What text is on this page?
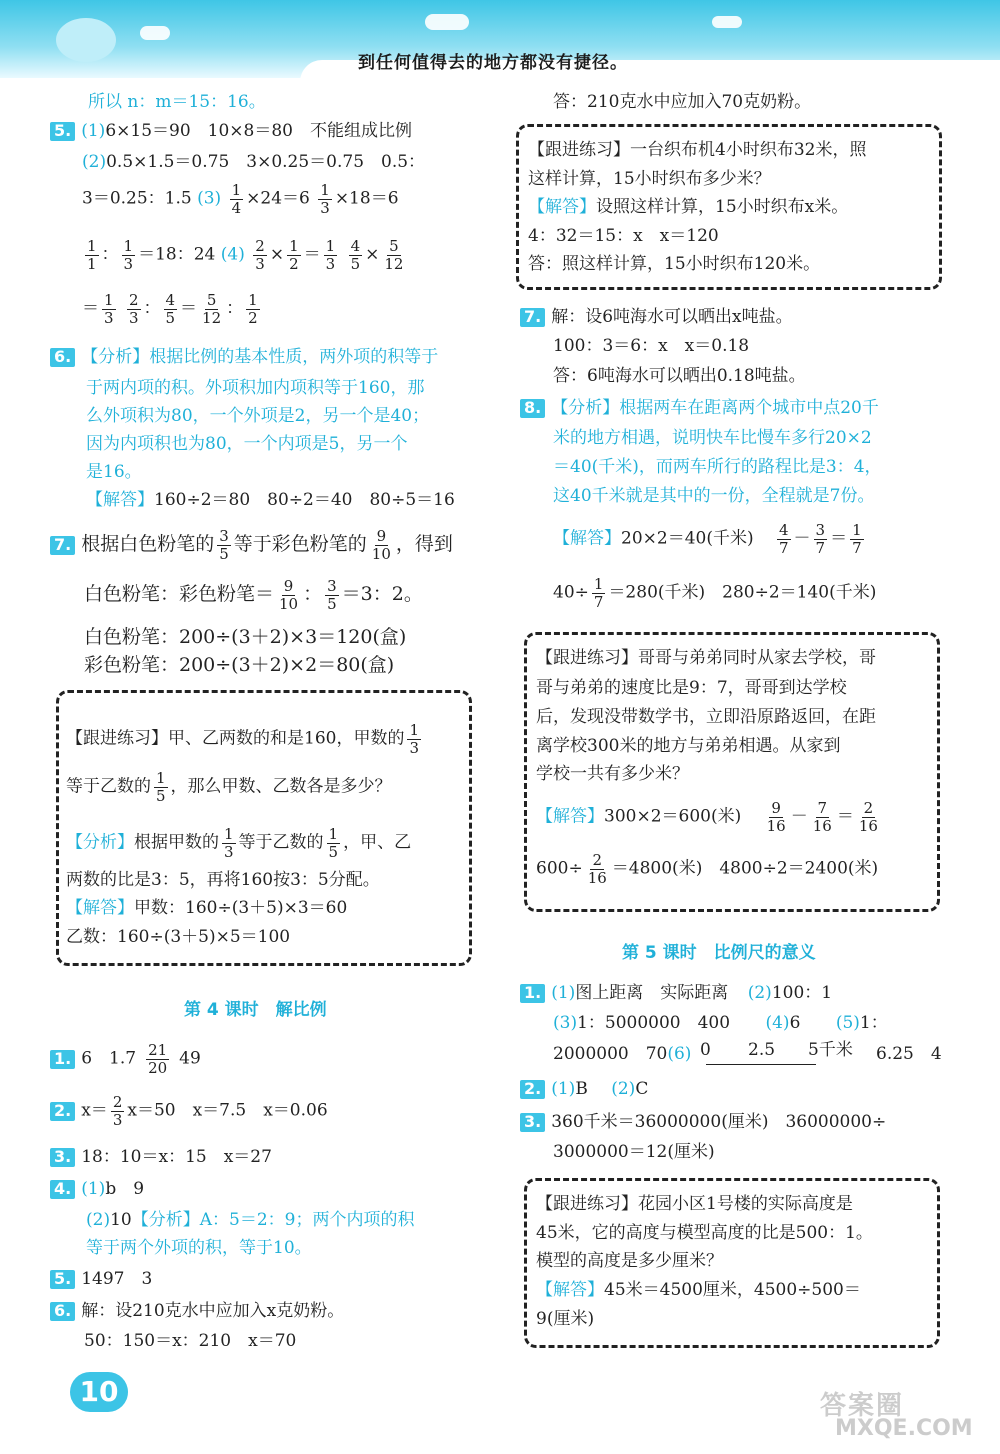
到任何值得去的地方都没有捷径。
所以 n：m＝15：16。
5. (1)6×15＝90　10×8＝80　不能组成比例
(2)0.5×1.5＝0.75　3×0.25＝0.75　0.5：
3＝0.25：1.5 $(3) \frac{1}{4} \times 24=6 \frac{1}{3} \times 18=6$
$\frac{1}{1}$ ： $\frac{1}{3} =18$：24 $(4) \frac{2}{3} \times \frac{1}{2} = \frac{1}{3}$
$\frac{4}{5} \times \frac{5}{12}$
＝ $\frac{1}{3}$
$\frac{2}{3}$ ： $\frac{4}{5} = \frac{5}{12}$ ： $\frac{1}{2}$
6. 【分析】根据比例的基本性质，两外项的积等于
于两内项的积。外项积加内项积等于160，那
么外项积为80，一个外项是2，另一个是40；
因为内项积也为80，一个内项是5，另一个
是16。
【解答】160÷2＝80　80÷2＝40　80÷5＝16
7. 根据白色粉笔的 $\frac{3}{5}$ 等于彩色粉笔的 $\frac{9}{10}$ ，得到
白色粉笔：彩色粉笔＝ $\frac{9}{10}$ ： $\frac{3}{5} =3$：2。
白色粉笔：200÷(3＋2)×3＝120(盒)
彩色粉笔：200÷(3＋2)×2＝80(盒)
【跟进练习】甲、乙两数的和是160，甲数的 $\frac{1}{3}$
等于乙数的 $\frac{1}{5}$ ，那么甲数、乙数各是多少？
【分析】根据甲数的 $\frac{1}{3}$ 等于乙数的 $\frac{1}{5}$ ，甲、乙
两数的比是3：5，再将160按3：5分配。
【解答】甲数：160÷(3＋5)×3＝60
乙数：160÷(3＋5)×5＝100
第 4 课时　解比例
1. 6　$1.7 \frac{21}{20} 49$
2. $x= \frac{2}{3} x=50$　x＝7.5　x＝0.06
3. 18：10＝x：15　x＝27
4. (1)b　9
(2)10【分析】A：5＝2：9；两个内项的积
等于两个外项的积，等于10。
5. 1497　3
6. 解：设210克水中应加入x克奶粉。
50：150＝x：210　x＝70
答：210克水中应加入70克奶粉。
【跟进练习】一台织布机4小时织布32米，照
这样计算，15小时织布多少米？
【解答】设照这样计算，15小时织布x米。
4：32＝15：x　x＝120
答：照这样计算，15小时织布120米。
7. 解：设6吨海水可以晒出x吨盐。
100：3＝6：x　x＝0.18
答：6吨海水可以晒出0.18吨盐。
8. 【分析】根据两车在距离两个城市中点20千
米的地方相遇，说明快车比慢车多行20×2
＝40(千米)，而两车所行的路程比是3：4，
这40千米就是其中的一份，全程就是7份。
【解答】20×2＝40(千米) $\frac{4}{7} - \frac{3}{7} = \frac{1}{7}$
$40\div \frac{1}{7} =280$(千米)　280÷2＝140(千米)
【跟进练习】哥哥与弟弟同时从家去学校，哥
哥与弟弟的速度比是9：7，哥哥到达学校
后，发现没带数学书，立即沿原路返回，在距
离学校300米的地方与弟弟相遇。从家到
学校一共有多少米？
【解答】300×2＝600(米) $\frac{9}{16} - \frac{7}{16} = \frac{2}{16}$
$600\div \frac{2}{16} =4800$(米)　4800÷2＝2400(米)
第 5 课时　比例尺的意义
1. (1)图上距离　实际距离 (2)100：1
(3)1：5000000　400 (4)6 (5)1：
2000000　70(6) 0 2.5 5千米 6.25　4
2. (1)B (2)C
3. 360千米＝36000000(厘米)　36000000÷
3000000＝12(厘米)
【跟进练习】花园小区1号楼的实际高度是
45米，它的高度与模型高度的比是500：1。
模型的高度是多少厘米？
【解答】45米＝4500厘米，4500÷500＝
9(厘米)
10	答案圈
MXQE.COM
